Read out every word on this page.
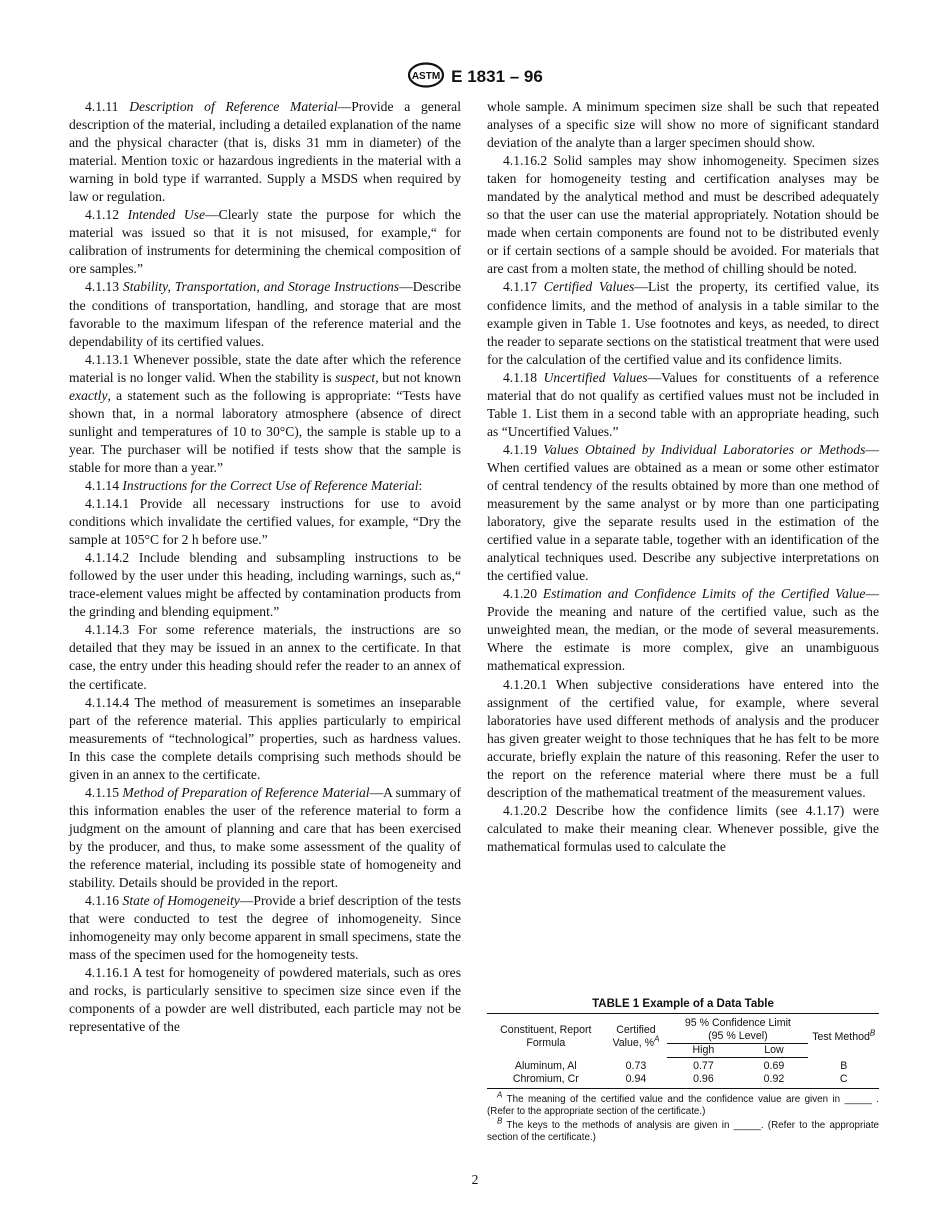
ASTM E 1831 – 96

4.1.11 Description of Reference Material—Provide a general description of the material, including a detailed explanation of the name and the physical character (that is, disks 31 mm in diameter) of the material. Mention toxic or hazardous ingredients in the material with a warning in bold type if warranted. Supply a MSDS when required by law or regulation.

4.1.12 Intended Use—Clearly state the purpose for which the material was issued so that it is not misused, for example,“ for calibration of instruments for determining the chemical composition of ore samples.”

4.1.13 Stability, Transportation, and Storage Instructions—Describe the conditions of transportation, handling, and storage that are most favorable to the maximum lifespan of the reference material and the dependability of its certified values.

4.1.13.1 Whenever possible, state the date after which the reference material is no longer valid. When the stability is suspect, but not known exactly, a statement such as the following is appropriate: “Tests have shown that, in a normal laboratory atmosphere (absence of direct sunlight and temperatures of 10 to 30°C), the sample is stable up to a year. The purchaser will be notified if tests show that the sample is stable for more than a year.”

4.1.14 Instructions for the Correct Use of Reference Material:

4.1.14.1 Provide all necessary instructions for use to avoid conditions which invalidate the certified values, for example, “Dry the sample at 105°C for 2 h before use.”

4.1.14.2 Include blending and subsampling instructions to be followed by the user under this heading, including warnings, such as,“ trace-element values might be affected by contamination products from the grinding and blending equipment.”

4.1.14.3 For some reference materials, the instructions are so detailed that they may be issued in an annex to the certificate. In that case, the entry under this heading should refer the reader to an annex of the certificate.

4.1.14.4 The method of measurement is sometimes an inseparable part of the reference material. This applies particularly to empirical measurements of “technological” properties, such as hardness values. In this case the complete details comprising such methods should be given in an annex to the certificate.

4.1.15 Method of Preparation of Reference Material—A summary of this information enables the user of the reference material to form a judgment on the amount of planning and care that has been exercised by the producer, and thus, to make some assessment of the quality of the reference material, including its possible state of homogeneity and stability. Details should be provided in the report.

4.1.16 State of Homogeneity—Provide a brief description of the tests that were conducted to test the degree of inhomogeneity. Since inhomogeneity may only become apparent in small specimens, state the mass of the specimen used for the homogeneity tests.

4.1.16.1 A test for homogeneity of powdered materials, such as ores and rocks, is particularly sensitive to specimen size since even if the components of a powder are well distributed, each particle may not be representative of the

whole sample. A minimum specimen size shall be such that repeated analyses of a specific size will show no more of significant standard deviation of the analyte than a larger specimen should show.

4.1.16.2 Solid samples may show inhomogeneity. Specimen sizes taken for homogeneity testing and certification analyses may be mandated by the analytical method and must be described adequately so that the user can use the material appropriately. Notation should be made when certain components are found not to be distributed evenly or if certain sections of a sample should be avoided. For materials that are cast from a molten state, the method of chilling should be noted.

4.1.17 Certified Values—List the property, its certified value, its confidence limits, and the method of analysis in a table similar to the example given in Table 1. Use footnotes and keys, as needed, to direct the reader to separate sections on the statistical treatment that were used for the calculation of the certified value and its confidence limits.

4.1.18 Uncertified Values—Values for constituents of a reference material that do not qualify as certified values must not be included in Table 1. List them in a second table with an appropriate heading, such as “Uncertified Values.”

4.1.19 Values Obtained by Individual Laboratories or Methods—When certified values are obtained as a mean or some other estimator of central tendency of the results obtained by more than one method of measurement by the same analyst or by more than one participating laboratory, give the separate results used in the estimation of the certified value in a separate table, together with an identification of the analytical techniques used. Describe any subjective interpretations on the certified value.

4.1.20 Estimation and Confidence Limits of the Certified Value—Provide the meaning and nature of the certified value, such as the unweighted mean, the median, or the mode of several measurements. Where the estimate is more complex, give an unambiguous mathematical expression.

4.1.20.1 When subjective considerations have entered into the assignment of the certified value, for example, where several laboratories have used different methods of analysis and the producer has given greater weight to those techniques that he has felt to be more accurate, briefly explain the nature of this reasoning. Refer the user to the report on the reference material where there must be a full description of the mathematical treatment of the measurement values.

4.1.20.2 Describe how the confidence limits (see 4.1.17) were calculated to make their meaning clear. Whenever possible, give the mathematical formulas used to calculate the

TABLE 1 Example of a Data Table
Constituent, Report Formula	Certified Value, %$^A$	95 % Confidence Limit (95 % Level)		Test Method$^B$
		High	Low	
Aluminum, Al	0.73	0.77	0.69	B
Chromium, Cr	0.94	0.96	0.92	C

$^A$ The meaning of the certified value and the confidence value are given in _____ . (Refer to the appropriate section of the certificate.)

$^B$ The keys to the methods of analysis are given in _____. (Refer to the appropriate section of the certificate.)

2
